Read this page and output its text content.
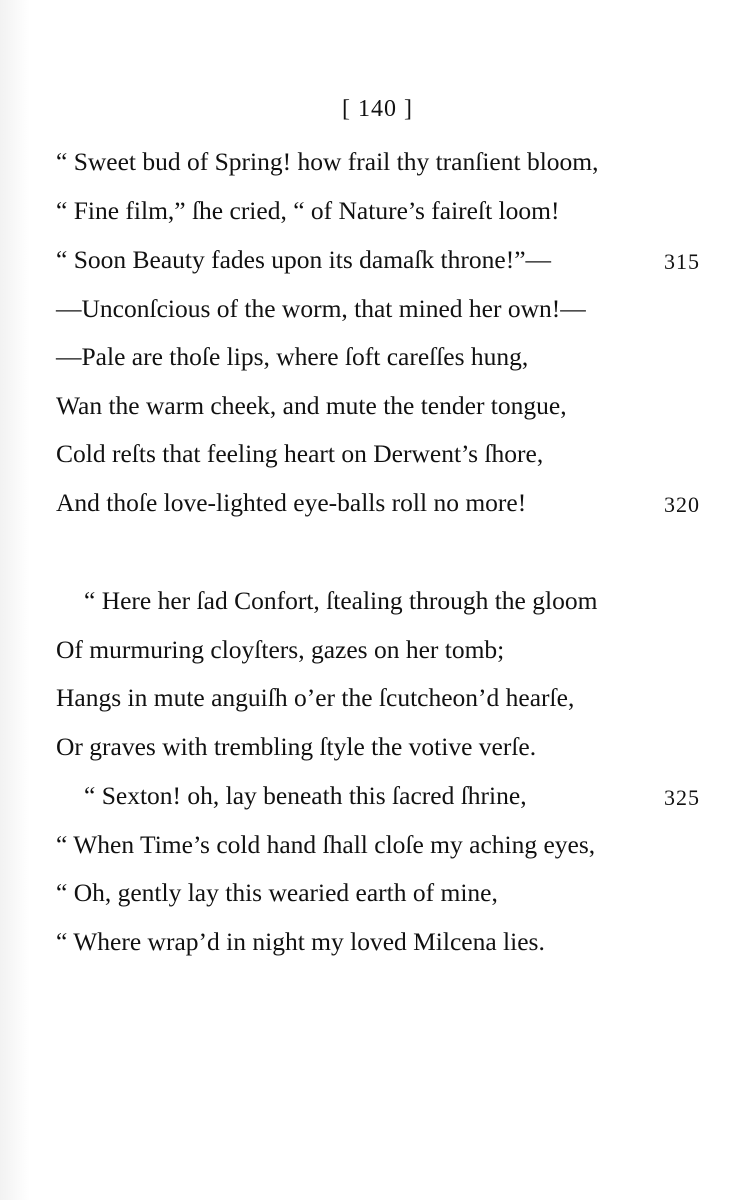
[ 140 ]
“ Sweet bud of Spring! how frail thy tranſient bloom,
“ Fine film,” ſhe cried, “ of Nature’s faireſt loom!
“ Soon Beauty fades upon its damaſk throne!”—	315
—Unconſcious of the worm, that mined her own!—
—Pale are thoſe lips, where ſoft careſſes hung,
Wan the warm cheek, and mute the tender tongue,
Cold reſts that feeling heart on Derwent’s ſhore,
And thoſe love-lighted eye-balls roll no more!	320
“ Here her ſad Confort, ſtealing through the gloom
Of murmuring cloyſters, gazes on her tomb;
Hangs in mute anguiſh o’er the ſcutcheon’d hearſe,
Or graves with trembling ſtyle the votive verſe.
“ Sexton! oh, lay beneath this ſacred ſhrine,	325
“ When Time’s cold hand ſhall cloſe my aching eyes,
“ Oh, gently lay this wearied earth of mine,
“ Where wrap’d in night my loved Milcena lies.
